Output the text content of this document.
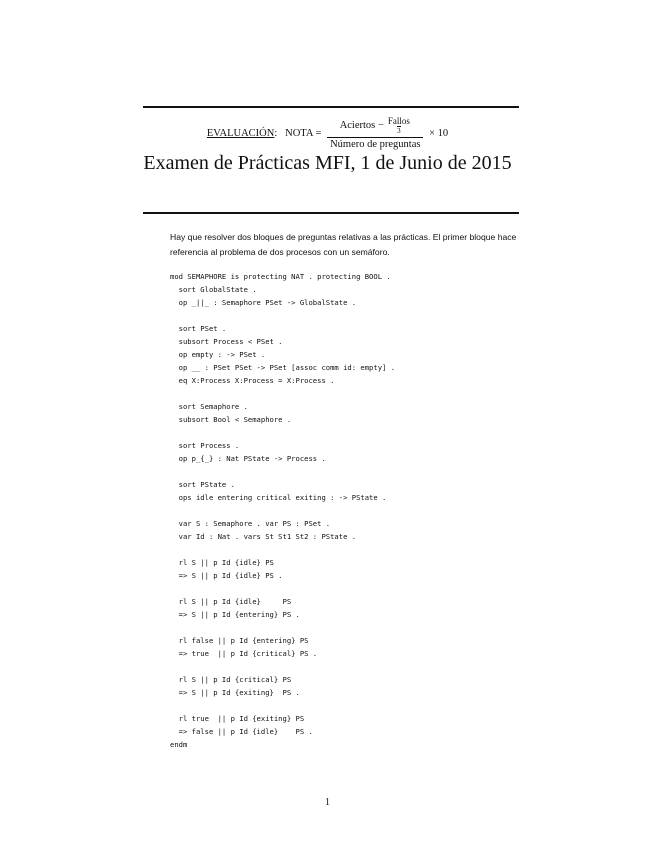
EVALUACIÓN: NOTA = Aciertos
− Fallos
3
Número de preguntas × 10
Examen de Prácticas MFI, 1 de Junio de 2015

Hay que resolver dos bloques de preguntas relativas a las prácticas. El primer bloque hace referencia al problema de dos procesos con un semáforo.

mod SEMAPHORE is protecting NAT . protecting BOOL .
sort GlobalState .
op _||_ : Semaphore PSet -> GlobalState .

sort PSet .
subsort Process < PSet .
op empty : -> PSet .
op __ : PSet PSet -> PSet [assoc comm id: empty] .
eq X:Process X:Process = X:Process .

sort Semaphore .
subsort Bool < Semaphore .

sort Process .
op p_{_} : Nat PState -> Process .

sort PState .
ops idle entering critical exiting : -> PState .

var S : Semaphore . var PS : PSet .
var Id : Nat . vars St St1 St2 : PState .

rl S || p Id {idle} PS
=> S || p Id {idle} PS .

rl S || p Id {idle}     PS
=> S || p Id {entering} PS .

rl false || p Id {entering} PS
=> true  || p Id {critical} PS .

rl S || p Id {critical} PS
=> S || p Id {exiting}  PS .

rl true  || p Id {exiting} PS
=> false || p Id {idle}    PS .
endm
1
